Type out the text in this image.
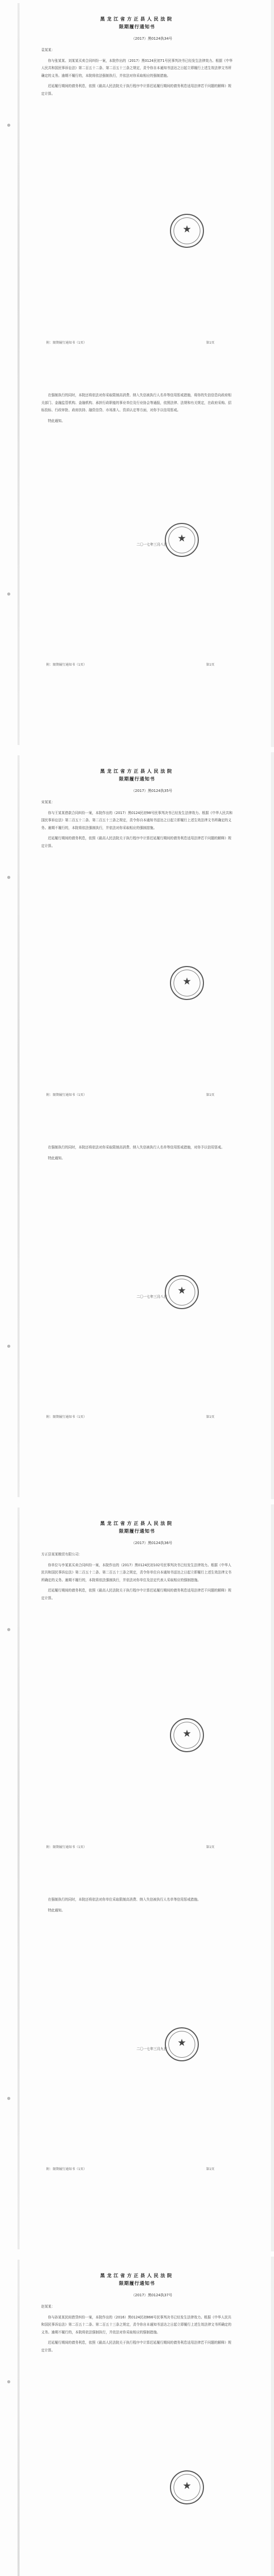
黑龙江省方正县人民法院
限期履行通知书
（2017）黑0124执34号

袁某某：

你与张某某、刘某某买卖合同纠纷一案，本院作出的（2017）黑0124民初71号民事判决书已经发生法律效力。根据《中华人民共和国民事诉讼法》第二百五十二条、第二百五十三条之规定，责令你自本通知书送达之日起立即履行上述生效法律文书所确定的义务。逾期不履行的，本院将依法强制执行，并依法对你采取相应的强制措施。

迟延履行期间的债务利息，依照《最高人民法院关于执行程序中计算迟延履行期间的债务利息适用法律若干问题的解释》规定计算。

在强制执行的同时，本院还将依法对你采取限制高消费、纳入失信被执行人名单等信用惩戒措施，将你的失信信息向政府相关部门、金融监管机构、金融机构、承担行政职能的事业单位及行业协会等通报，依照法律、法规和有关规定，在政府采购、招标投标、行政审批、政府扶持、融资信贷、市场准入、资质认定等方面，对你予以信用惩戒。

特此通知。

★
★
二〇一七年三月八日
附：限期履行通知书（1页）	第1页
附：限期履行通知书（1页）	第1页
黑龙江省方正县人民法院
限期履行通知书
（2017）黑0124执35号

宋某某：

你与王某某借款合同纠纷一案，本院作出的（2017）黑0124民初98号民事判决书已经发生法律效力。根据《中华人民共和国民事诉讼法》第二百五十二条、第二百五十三条之规定，责令你自本通知书送达之日起立即履行上述生效法律文书所确定的义务。逾期不履行的，本院将依法强制执行，并依法对你采取相应的强制措施。

迟延履行期间的债务利息，依照《最高人民法院关于执行程序中计算迟延履行期间的债务利息适用法律若干问题的解释》规定计算。

在强制执行的同时，本院还将依法对你采取限制高消费、纳入失信被执行人名单等信用惩戒措施，对你予以信用惩戒。

特此通知。

★
★
二〇一七年三月八日
附：限期履行通知书（1页）	第1页
附：限期履行通知书（1页）	第1页
黑龙江省方正县人民法院
限期履行通知书
（2017）黑0124执36号

方正县某某粮贸有限公司：

你单位与李某某买卖合同纠纷一案，本院作出的（2017）黑0124民初102号民事判决书已经发生法律效力。根据《中华人民共和国民事诉讼法》第二百五十二条、第二百五十三条之规定，责令你单位自本通知书送达之日起立即履行上述生效法律文书所确定的义务。逾期不履行的，本院将依法强制执行，并依法对你单位及法定代表人采取相应的强制措施。

迟延履行期间的债务利息，依照《最高人民法院关于执行程序中计算迟延履行期间的债务利息适用法律若干问题的解释》规定计算。

在强制执行的同时，本院还将依法对你单位采取限制高消费、纳入失信被执行人名单等信用惩戒措施。

特此通知。

★
★
二〇一七年三月九日
附：限期履行通知书（1页）	第1页
附：限期履行通知书（1页）	第1页
黑龙江省方正县人民法院
限期履行通知书
（2017）黑0124执37号

赵某某：

你与孙某某民间借贷纠纷一案，本院作出的（2016）黑0124民初866号民事判决书已经发生法律效力。根据《中华人民共和国民事诉讼法》第二百五十二条、第二百五十三条之规定，责令你自本通知书送达之日起立即履行上述生效法律文书所确定的义务。逾期不履行的，本院将依法强制执行，并依法对你采取相应的强制措施。

迟延履行期间的债务利息，依照《最高人民法院关于执行程序中计算迟延履行期间的债务利息适用法律若干问题的解释》规定计算。

★
